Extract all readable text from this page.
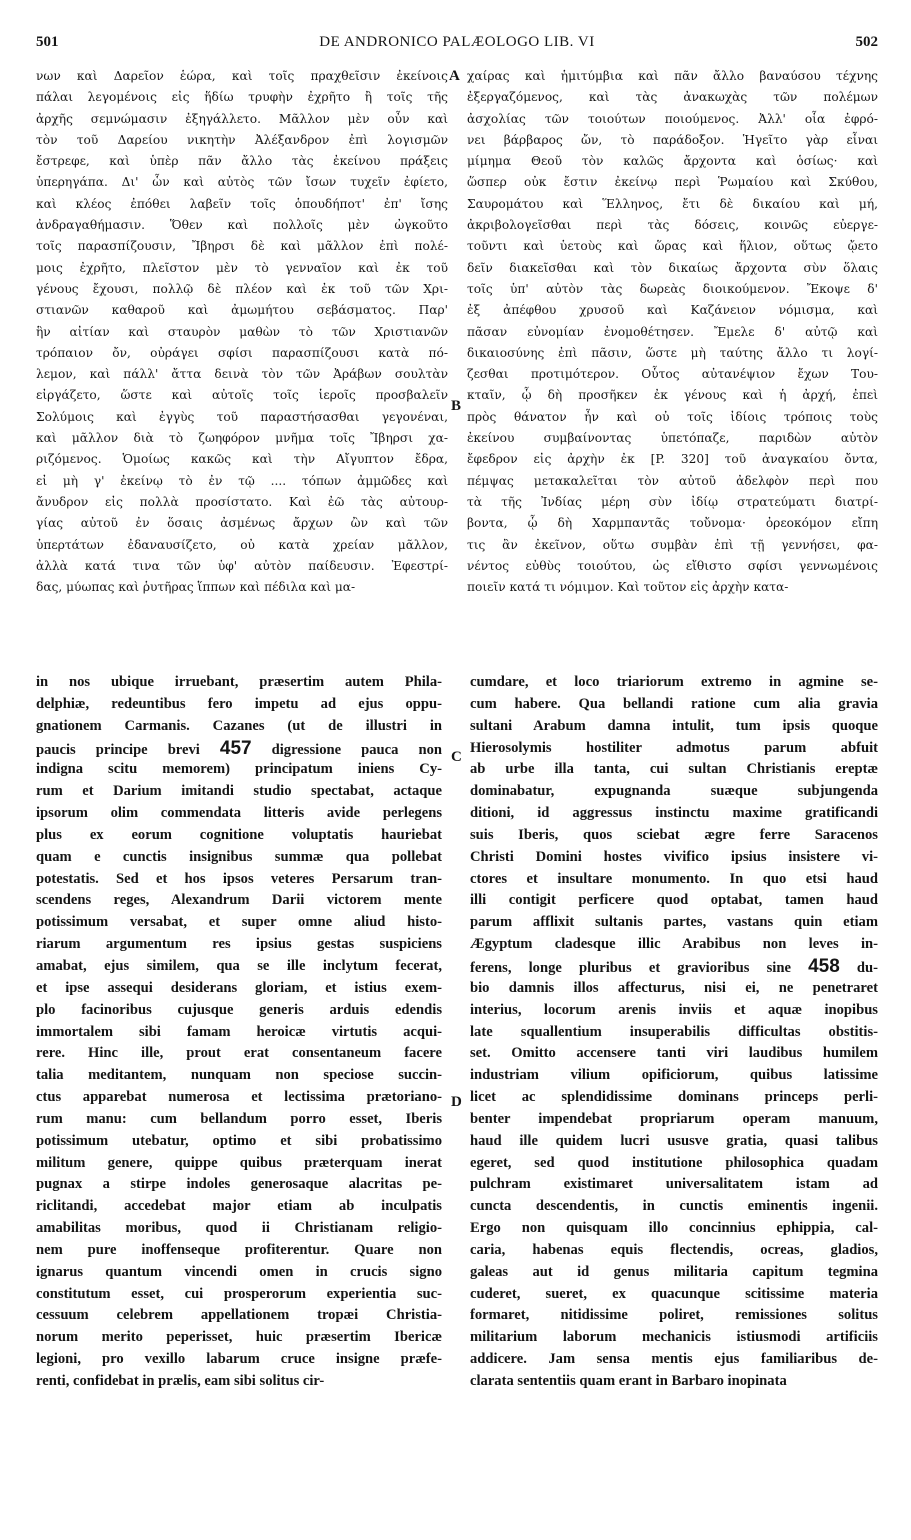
501	DE ANDRONICO PALÆOLOGO LIB. VI	502
νων καὶ Δαρεῖον ἑώρα, καὶ τοῖς πραχθεῖσιν ἐκείνοις
πάλαι λεγομένοις εἰς ἥδίω τρυφὴν ἐχρῆτο ἢ τοῖς τῆς
ἀρχῆς σεμνώμασιν ἐξηγάλλετο. Μᾶλλον μὲν οὖν καὶ
τὸν τοῦ Δαρείου νικητὴν Ἀλέξανδρον ἐπὶ λογισμῶν
ἔστρεφε, καὶ ὑπὲρ πᾶν ἄλλο τὰς ἐκείνου πράξεις
ὑπερηγάπα. Δι' ὧν καὶ αὐτὸς τῶν ἴσων τυχεῖν ἐφίετο,
καὶ κλέος ἐπόθει λαβεῖν τοῖς ὁπουδήποτ' ἐπ' ἴσης
ἀνδραγαθήμασιν. Ὅθεν καὶ πολλοῖς μὲν ὠγκοῦτο
τοῖς παρασπίζουσιν, Ἴβηρσι δὲ καὶ μᾶλλον ἐπὶ πολέ-
μοις ἐχρῆτο, πλεῖστον μὲν τὸ γενναῖον καὶ ἐκ τοῦ
γένους ἔχουσι, πολλῷ δὲ πλέον καὶ ἐκ τοῦ τῶν Χρι-
στιανῶν καθαροῦ καὶ ἀμωμήτου σεβάσματος. Παρ'
ἣν αἰτίαν καὶ σταυρὸν μαθὼν τὸ τῶν Χριστιανῶν
τρόπαιον ὄν, οὐράγει σφίσι παρασπίζουσι κατὰ πό-
λεμον, καὶ πάλλ' ἄττα δεινὰ τὸν τῶν Ἀράβων σουλτὰν
εἰργάζετο, ὥστε καὶ αὐτοῖς τοῖς ἱεροῖς προσβαλεῖν
Σολύμοις καὶ ἐγγὺς τοῦ παραστήσασθαι γεγονέναι,
καὶ μᾶλλον διὰ τὸ ζωηφόρον μνῆμα τοῖς Ἴβηρσι χα-
ριζόμενος. Ὁμοίως κακῶς καὶ τὴν Αἴγυπτον ἔδρα,
εἰ μὴ γ' ἐκείνῳ τὸ ἐν τῷ .... τόπων ἀμμῶδες καὶ
ἄνυδρον εἰς πολλὰ προσίστατο. Καὶ ἐῶ τὰς αὐτουρ-
γίας αὐτοῦ ἐν ὅσαις ἀσμένως ἄρχων ὢν καὶ τῶν
ὑπερτάτων ἐδαναυσίζετο, οὐ κατὰ χρείαν μᾶλλον,
ἀλλὰ κατά τινα τῶν ὑφ' αὐτὸν παίδευσιν. Ἐφεστρί-
δας, μύωπας καὶ ῥυτῆρας ἵππων καὶ πέδιλα καὶ μα-
χαίρας καὶ ἡμιτύμβια καὶ πᾶν ἄλλο βαναύσου τέχνης
ἐξεργαζόμενος, καὶ τὰς ἀνακωχὰς τῶν πολέμων
ἀσχολίας τῶν τοιούτων ποιούμενος. Ἀλλ' οἷα ἐφρό-
νει βάρβαρος ὤν, τὸ παράδοξον. Ἡγεῖτο γὰρ εἶναι
μίμημα Θεοῦ τὸν καλῶς ἄρχοντα καὶ ὁσίως· καὶ
ὥσπερ οὐκ ἔστιν ἐκείνῳ περὶ Ῥωμαίου καὶ Σκύθου,
Σαυρομάτου καὶ Ἕλληνος, ἔτι δὲ δικαίου καὶ μή,
ἀκριβολογεῖσθαι περὶ τὰς δόσεις, κοινῶς εὐεργε-
τοῦντι καὶ ὑετοὺς καὶ ὥρας καὶ ἥλιον, οὕτως ᾤετο
δεῖν διακεῖσθαι καὶ τὸν δικαίως ἄρχοντα σὺν ὅλαις
τοῖς ὑπ' αὐτὸν τὰς δωρεὰς διοικούμενον. Ἔκοψε δ'
ἐξ ἀπέφθου χρυσοῦ καὶ Καζάνειον νόμισμα, καὶ
πᾶσαν εὐνομίαν ἐνομοθέτησεν. Ἔμελε δ' αὐτῷ καὶ
δικαιοσύνης ἐπὶ πᾶσιν, ὥστε μὴ ταύτης ἄλλο τι λογί-
ζεσθαι προτιμότερον. Οὗτος αὐτανέψιον ἔχων Του-
κταῖν, ᾧ δὴ προσῆκεν ἐκ γένους καὶ ἡ ἀρχή, ἐπεὶ
πρὸς θάνατον ἦν καὶ οὐ τοῖς ἰδίοις τρόποις τοὺς
ἐκείνου συμβαίνοντας ὑπετόπαζε, παριδὼν αὐτὸν
ἔφεδρον εἰς ἀρχὴν ἐκ [P. 320] τοῦ ἀναγκαίου ὄντα,
πέμψας μετακαλεῖται τὸν αὐτοῦ ἀδελφὸν περὶ που
τὰ τῆς Ἰνδίας μέρη σὺν ἰδίῳ στρατεύματι διατρί-
βοντα, ᾧ δὴ Χαρμπαντᾶς τοὔνομα· ὀρεοκόμον εἴπη
τις ἂν ἐκεῖνον, οὕτω συμβὰν ἐπὶ τῇ γεννήσει, φα-
νέντος εὐθὺς τοιούτου, ὡς εἴθιστο σφίσι γεννωμένοις
ποιεῖν κατά τι νόμιμον. Καὶ τοῦτον εἰς ἀρχὴν κατα-
in nos ubique irruebant, præsertim autem Phila-
delphiæ, redeuntibus fero impetu ad ejus oppu-
gnationem Carmanis. Cazanes (ut de illustri in
paucis principe brevi 457 digressione pauca non
indigna scitu memorem) principatum iniens Cy-
rum et Darium imitandi studio spectabat, actaque
ipsorum olim commendata litteris avide perlegens
plus ex eorum cognitione voluptatis hauriebat
quam e cunctis insignibus summæ qua pollebat
potestatis. Sed et hos ipsos veteres Persarum tran-
scendens reges, Alexandrum Darii victorem mente
potissimum versabat, et super omne aliud histo-
riarum argumentum res ipsius gestas suspiciens
amabat, ejus similem, qua se ille inclytum fecerat,
et ipse assequi desiderans gloriam, et istius exem-
plo facinoribus cujusque generis arduis edendis
immortalem sibi famam heroicæ virtutis acqui-
rere. Hinc ille, prout erat consentaneum facere
talia meditantem, nunquam non speciose succin-
ctus apparebat numerosa et lectissima prætoriano-
rum manu: cum bellandum porro esset, Iberis
potissimum utebatur, optimo et sibi probatissimo
militum genere, quippe quibus præterquam inerat
pugnax a stirpe indoles generosaque alacritas pe-
riclitandi, accedebat major etiam ab inculpatis
amabilitas moribus, quod ii Christianam religio-
nem pure inoffenseque profiterentur. Quare non
ignarus quantum vincendi omen in crucis signo
constitutum esset, cui prosperorum experientia suc-
cessuum celebrem appellationem tropæi Christia-
norum merito peperisset, huic præsertim Ibericæ
legioni, pro vexillo labarum cruce insigne præfe-
renti, confidebat in prælis, eam sibi solitus cir-
cumdare, et loco triariorum extremo in agmine se-
cum habere. Qua bellandi ratione cum alia gravia
sultani Arabum damna intulit, tum ipsis quoque
Hierosolymis hostiliter admotus parum abfuit
ab urbe illa tanta, cui sultan Christianis ereptæ
dominabatur, expugnanda suæque subjungenda
ditioni, id aggressus instinctu maxime gratificandi
suis Iberis, quos sciebat ægre ferre Saracenos
Christi Domini hostes vivifico ipsius insistere vi-
ctores et insultare monumento. In quo etsi haud
illi contigit perficere quod optabat, tamen haud
parum afflixit sultanis partes, vastans quin etiam
Ægyptum cladesque illic Arabibus non leves in-
ferens, longe pluribus et gravioribus sine 458 du-
bio damnis illos affecturus, nisi ei, ne penetraret
interius, locorum arenis inviis et aquæ inopibus
late squallentium insuperabilis difficultas obstitis-
set. Omitto accensere tanti viri laudibus humilem
industriam vilium opificiorum, quibus latissime
licet ac splendidissime dominans princeps perli-
benter impendebat propriarum operam manuum,
haud ille quidem lucri ususve gratia, quasi talibus
egeret, sed quod institutione philosophica quadam
pulchram existimaret universalitatem istam ad
cuncta descendentis, in cunctis eminentis ingenii.
Ergo non quisquam illo concinnius ephippia, cal-
caria, habenas equis flectendis, ocreas, gladios,
galeas aut id genus militaria capitum tegmina
cuderet, sueret, ex quacunque scitissime materia
formaret, nitidissime poliret, remissiones solitus
militarium laborum mechanicis istiusmodi artificiis
addicere. Jam sensa mentis ejus familiaribus de-
clarata sententiis quam erant in Barbaro inopinata
A
B
C
D
